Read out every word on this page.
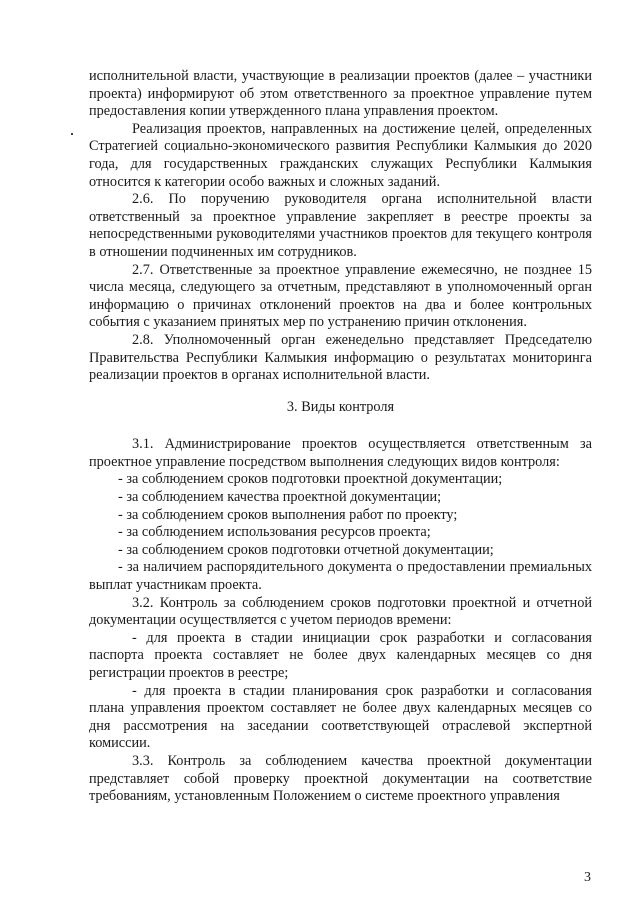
исполнительной власти, участвующие в реализации проектов (далее – участники проекта) информируют об этом ответственного за проектное управление путем предоставления копии утвержденного плана управления проектом.

Реализация проектов, направленных на достижение целей, определенных Стратегией социально-экономического развития Республики Калмыкия до 2020 года, для государственных гражданских служащих Республики Калмыкия относится к категории особо важных и сложных заданий.

2.6. По поручению руководителя органа исполнительной власти ответственный за проектное управление закрепляет в реестре проекты за непосредственными руководителями участников проектов для текущего контроля в отношении подчиненных им сотрудников.

2.7. Ответственные за проектное управление ежемесячно, не позднее 15 числа месяца, следующего за отчетным, представляют в уполномоченный орган информацию о причинах отклонений проектов на два и более контрольных события с указанием принятых мер по устранению причин отклонения.

2.8. Уполномоченный орган еженедельно представляет Председателю Правительства Республики Калмыкия информацию о результатах мониторинга реализации проектов в органах исполнительной власти.

3. Виды контроля

3.1. Администрирование проектов осуществляется ответственным за проектное управление посредством выполнения следующих видов контроля:

- за соблюдением сроков подготовки проектной документации;

- за соблюдением качества проектной документации;

- за соблюдением сроков выполнения работ по проекту;

- за соблюдением использования ресурсов проекта;

- за соблюдением сроков подготовки отчетной документации;

- за наличием распорядительного документа о предоставлении премиальных выплат участникам проекта.

3.2. Контроль за соблюдением сроков подготовки проектной и отчетной документации осуществляется с учетом периодов времени:

- для проекта в стадии инициации срок разработки и согласования паспорта проекта составляет не более двух календарных месяцев со дня регистрации проектов в реестре;

- для проекта в стадии планирования срок разработки и согласования плана управления проектом составляет не более двух календарных месяцев со дня рассмотрения на заседании соответствующей отраслевой экспертной комиссии.

3.3. Контроль за соблюдением качества проектной документации представляет собой проверку проектной документации на соответствие требованиям, установленным Положением о системе проектного управления

3
